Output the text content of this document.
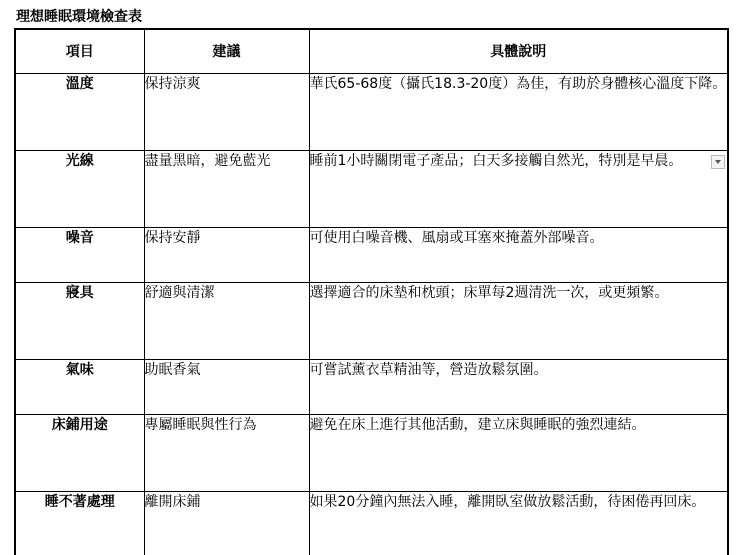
理想睡眠環境檢查表
項目	建議	具體說明
溫度	保持涼爽	華氏65-68度（攝氏18.3-20度）為佳，有助於身體核心溫度下降。
光線	盡量黑暗，避免藍光	睡前1小時關閉電子產品；白天多接觸自然光，特別是早晨。

噪音	保持安靜	可使用白噪音機、風扇或耳塞來掩蓋外部噪音。
寢具	舒適與清潔	選擇適合的床墊和枕頭；床單每2週清洗一次，或更頻繁。
氣味	助眠香氣	可嘗試薰衣草精油等，營造放鬆氛圍。
床鋪用途	專屬睡眠與性行為	避免在床上進行其他活動，建立床與睡眠的強烈連結。
睡不著處理	離開床鋪	如果20分鐘內無法入睡，離開臥室做放鬆活動，待困倦再回床。
